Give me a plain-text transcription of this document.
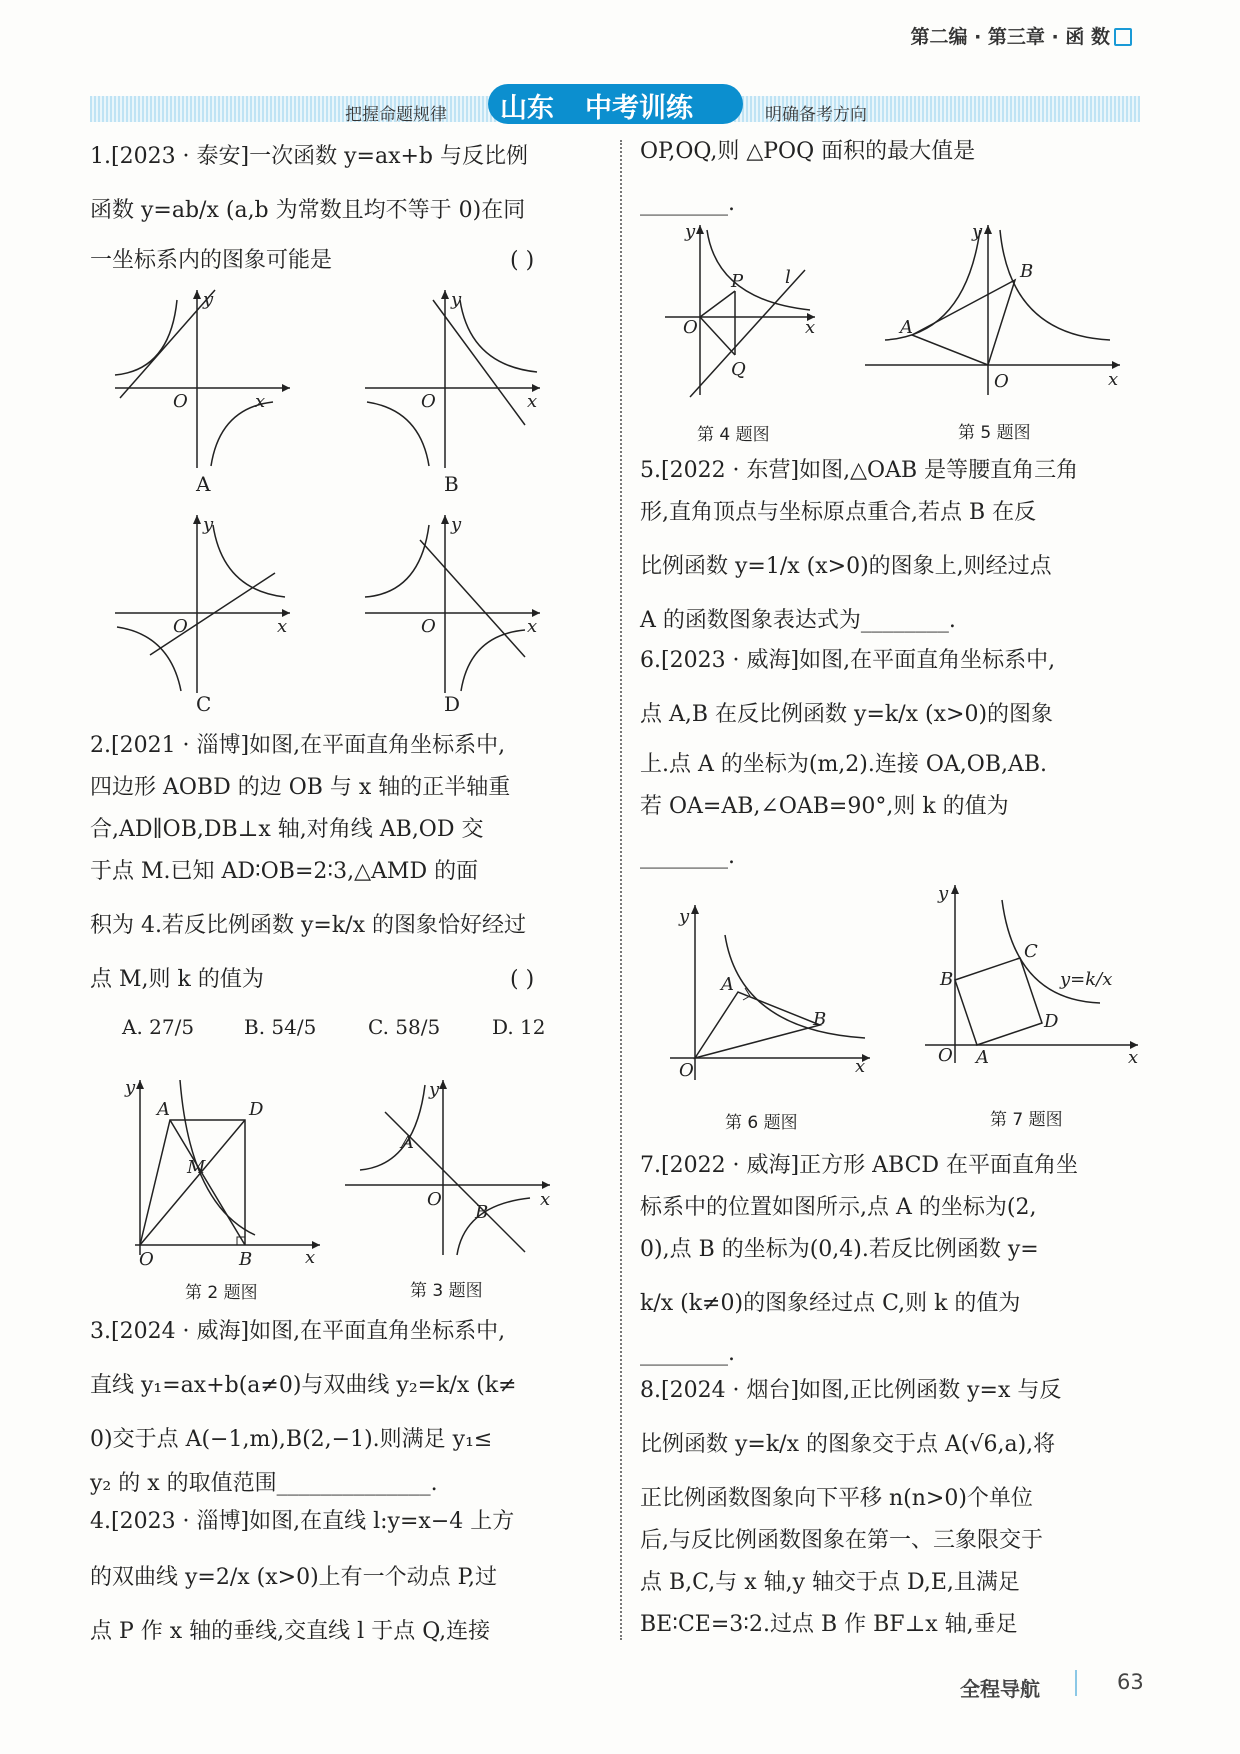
第二编 · 第三章 · 函 数
把握命题规律 山东 中考训练	明确备考方向

1.[2023 · 泰安]一次函数 y=ax+b 与反比例

函数 y=ab/x (a,b 为常数且均不等于 0)在同

一坐标系内的图象可能是	( )

x
y
O
A
x
y
O
B
x
y
O
C
x
y
O
D

2.[2021 · 淄博]如图,在平面直角坐标系中,

四边形 AOBD 的边 OB 与 x 轴的正半轴重

合,AD∥OB,DB⊥x 轴,对角线 AB,OD 交

于点 M.已知 AD∶OB=2∶3,△AMD 的面

积为 4.若反比例函数 y=k/x 的图象恰好经过

点 M,则 k 的值为	( )

A. 27/5 B. 54/5	C. 58/5	D. 12
y
x
O
A	D
M
B
第 2 题图
y
x
O
A
B
第 3 题图

3.[2024 · 威海]如图,在平面直角坐标系中,

直线 y₁=ax+b(a≠0)与双曲线 y₂=k/x (k≠

0)交于点 A(−1,m),B(2,−1).则满足 y₁≤

y₂ 的 x 的取值范围______________.

4.[2023 · 淄博]如图,在直线 l:y=x−4 上方

的双曲线 y=2/x (x>0)上有一个动点 P,过

点 P 作 x 轴的垂线,交直线 l 于点 Q,连接

OP,OQ,则 △POQ 面积的最大值是

________.

y
x
O
P
Q
l
第 4 题图
y
x
O
A
B
第 5 题图

5.[2022 · 东营]如图,△OAB 是等腰直角三角

形,直角顶点与坐标原点重合,若点 B 在反

比例函数 y=1/x (x>0)的图象上,则经过点

A 的函数图象表达式为________.

6.[2023 · 威海]如图,在平面直角坐标系中,

点 A,B 在反比例函数 y=k/x (x>0)的图象

上.点 A 的坐标为(m,2).连接 OA,OB,AB.

若 OA=AB,∠OAB=90°,则 k 的值为

________.

y
x
O
A
B
第 6 题图
y
x
O
B
C
D
A
y=k/x
第 7 题图

7.[2022 · 威海]正方形 ABCD 在平面直角坐

标系中的位置如图所示,点 A 的坐标为(2,

0),点 B 的坐标为(0,4).若反比例函数 y=

k/x (k≠0)的图象经过点 C,则 k 的值为

________.

8.[2024 · 烟台]如图,正比例函数 y=x 与反

比例函数 y=k/x 的图象交于点 A(√6,a),将

正比例函数图象向下平移 n(n>0)个单位

后,与反比例函数图象在第一、三象限交于

点 B,C,与 x 轴,y 轴交于点 D,E,且满足

BE∶CE=3∶2.过点 B 作 BF⊥x 轴,垂足

全程导航	63
